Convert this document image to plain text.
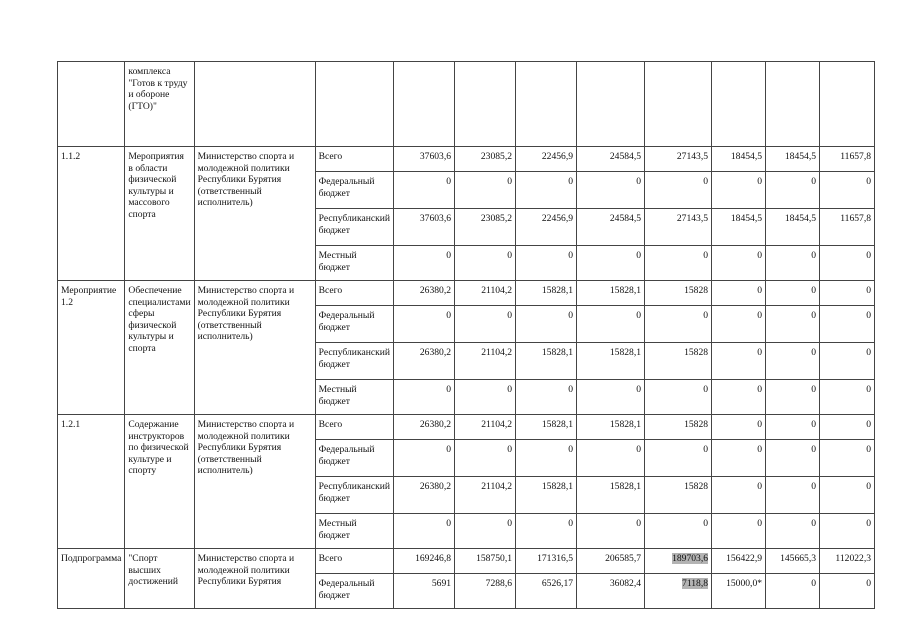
	комплекса "Готов к труду и обороне (ГТО)"										
1.1.2	Мероприятия в области физической культуры и массового спорта	Министерство спорта и молодежной политики Республики Бурятия (ответственный исполнитель)	Всего	37603,6	23085,2	22456,9	24584,5	27143,5	18454,5	18454,5	11657,8
			Федеральный бюджет	0	0	0	0	0	0	0	0
			Республиканский бюджет	37603,6	23085,2	22456,9	24584,5	27143,5	18454,5	18454,5	11657,8
			Местный бюджет	0	0	0	0	0	0	0	0
Мероприятие 1.2	Обеспечение специалистами сферы физической культуры и спорта	Министерство спорта и молодежной политики Республики Бурятия (ответственный исполнитель)	Всего	26380,2	21104,2	15828,1	15828,1	15828	0	0	0
			Федеральный бюджет	0	0	0	0	0	0	0	0
			Республиканский бюджет	26380,2	21104,2	15828,1	15828,1	15828	0	0	0
			Местный бюджет	0	0	0	0	0	0	0	0
1.2.1	Содержание инструкторов по физической культуре и спорту	Министерство спорта и молодежной политики Республики Бурятия (ответственный исполнитель)	Всего	26380,2	21104,2	15828,1	15828,1	15828	0	0	0
			Федеральный бюджет	0	0	0	0	0	0	0	0
			Республиканский бюджет	26380,2	21104,2	15828,1	15828,1	15828	0	0	0
			Местный бюджет	0	0	0	0	0	0	0	0
Подпрограмма	"Спорт высших достижений	Министерство спорта и молодежной политики Республики Бурятия	Всего	169246,8	158750,1	171316,5	206585,7	189703,6	156422,9	145665,3	112022,3
			Федеральный бюджет	5691	7288,6	6526,17	36082,4	7118,8	15000,0*	0	0
